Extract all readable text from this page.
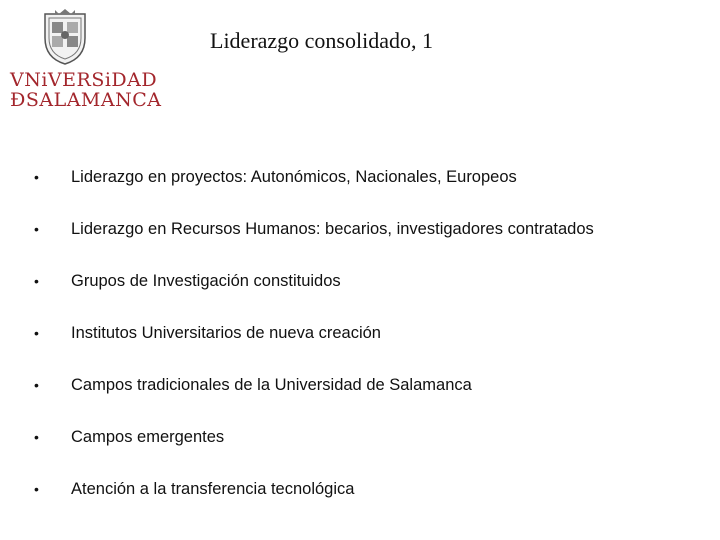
VNiVERSiDAD
ÐSALAMANCA
Liderazgo consolidado, 1
• Liderazgo en proyectos: Autonómicos, Nacionales, Europeos
• Liderazgo en Recursos Humanos: becarios, investigadores contratados
• Grupos de Investigación constituidos
• Institutos Universitarios de nueva creación
• Campos tradicionales de la Universidad de Salamanca
• Campos emergentes
• Atención a la transferencia tecnológica
